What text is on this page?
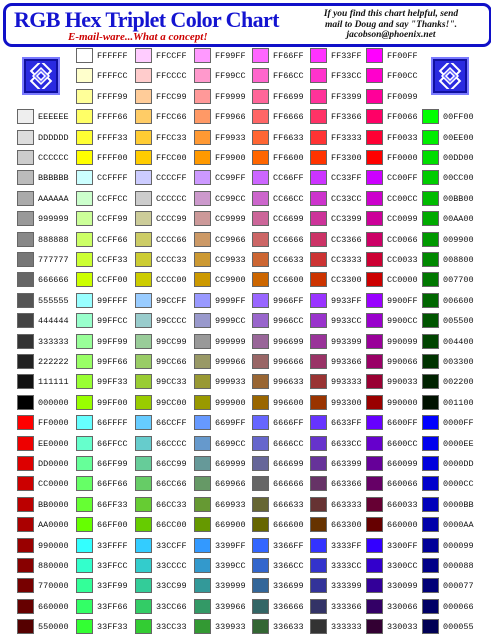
RGB Hex Triplet Color Chart
E-mail-ware...What a concept!
If you find this chart helpful, send
mail to Doug and say "Thanks!".
jacobson@phoenix.net
EEEEEE
DDDDDD
CCCCCC
BBBBBB
AAAAAA
999999
888888
777777
666666
555555
444444
333333
222222
111111
000000
FF0000
EE0000
DD0000
CC0000
BB0000
AA0000
990000
880000
770000
660000
550000
FFFFFF
FFFFCC
FFFF99
FFFF66
FFFF33
FFFF00
CCFFFF
CCFFCC
CCFF99
CCFF66
CCFF33
CCFF00
99FFFF
99FFCC
99FF99
99FF66
99FF33
99FF00
66FFFF
66FFCC
66FF99
66FF66
66FF33
66FF00
33FFFF
33FFCC
33FF99
33FF66
33FF33
FFCCFF
FFCCCC
FFCC99
FFCC66
FFCC33
FFCC00
CCCCFF
CCCCCC
CCCC99
CCCC66
CCCC33
CCCC00
99CCFF
99CCCC
99CC99
99CC66
99CC33
99CC00
66CCFF
66CCCC
66CC99
66CC66
66CC33
66CC00
33CCFF
33CCCC
33CC99
33CC66
33CC33
FF99FF
FF99CC
FF9999
FF9966
FF9933
FF9900
CC99FF
CC99CC
CC9999
CC9966
CC9933
CC9900
9999FF
9999CC
999999
999966
999933
999900
6699FF
6699CC
669999
669966
669933
669900
3399FF
3399CC
339999
339966
339933
FF66FF
FF66CC
FF6699
FF6666
FF6633
FF6600
CC66FF
CC66CC
CC6699
CC6666
CC6633
CC6600
9966FF
9966CC
996699
996666
996633
996600
6666FF
6666CC
666699
666666
666633
666600
3366FF
3366CC
336699
336666
336633
FF33FF
FF33CC
FF3399
FF3366
FF3333
FF3300
CC33FF
CC33CC
CC3399
CC3366
CC3333
CC3300
9933FF
9933CC
993399
993366
993333
993300
6633FF
6633CC
663399
663366
663333
663300
3333FF
3333CC
333399
333366
333333
FF00FF
FF00CC
FF0099
FF0066
FF0033
FF0000
CC00FF
CC00CC
CC0099
CC0066
CC0033
CC0000
9900FF
9900CC
990099
990066
990033
990000
6600FF
6600CC
660099
660066
660033
660000
3300FF
3300CC
330099
330066
330033
00FF00
00EE00
00DD00
00CC00
00BB00
00AA00
009900
008800
007700
006600
005500
004400
003300
002200
001100
0000FF
0000EE
0000DD
0000CC
0000BB
0000AA
000099
000088
000077
000066
000055
